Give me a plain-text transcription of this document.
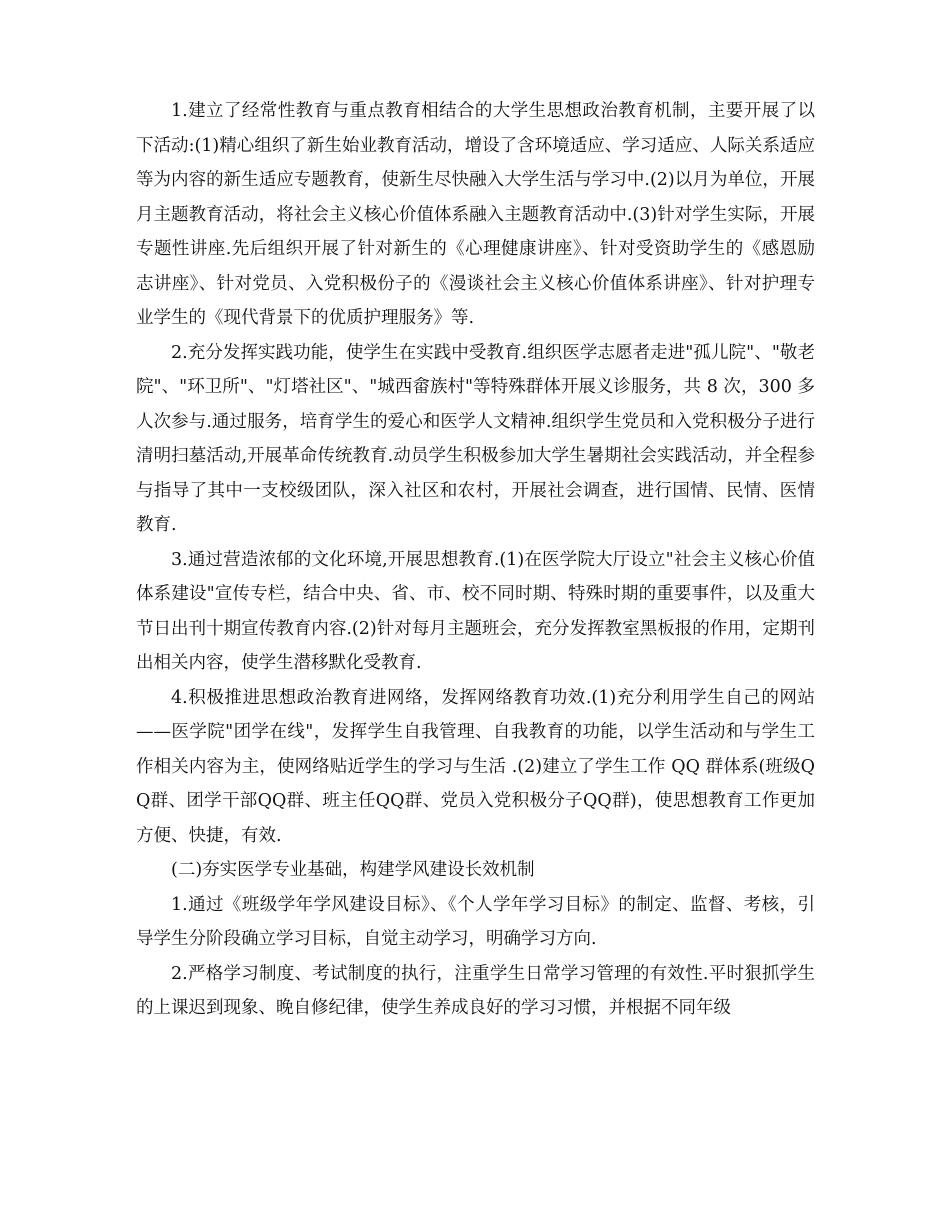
1.建立了经常性教育与重点教育相结合的大学生思想政治教育机制，主要开展了以下活动:(1)精心组织了新生始业教育活动，增设了含环境适应、学习适应、人际关系适应等为内容的新生适应专题教育，使新生尽快融入大学生活与学习中.(2)以月为单位，开展月主题教育活动，将社会主义核心价值体系融入主题教育活动中.(3)针对学生实际，开展专题性讲座.先后组织开展了针对新生的《心理健康讲座》、针对受资助学生的《感恩励志讲座》、针对党员、入党积极份子的《漫谈社会主义核心价值体系讲座》、针对护理专业学生的《现代背景下的优质护理服务》等.

2.充分发挥实践功能，使学生在实践中受教育.组织医学志愿者走进"孤儿院"、"敬老院"、"环卫所"、"灯塔社区"、"城西畲族村"等特殊群体开展义诊服务，共 8 次，300 多人次参与.通过服务，培育学生的爱心和医学人文精神.组织学生党员和入党积极分子进行清明扫墓活动,开展革命传统教育.动员学生积极参加大学生暑期社会实践活动，并全程参与指导了其中一支校级团队，深入社区和农村，开展社会调查，进行国情、民情、医情教育.

3.通过营造浓郁的文化环境,开展思想教育.(1)在医学院大厅设立"社会主义核心价值体系建设"宣传专栏，结合中央、省、市、校不同时期、特殊时期的重要事件，以及重大节日出刊十期宣传教育内容.(2)针对每月主题班会，充分发挥教室黑板报的作用，定期刊出相关内容，使学生潜移默化受教育.

4.积极推进思想政治教育进网络，发挥网络教育功效.(1)充分利用学生自己的网站——医学院"团学在线"，发挥学生自我管理、自我教育的功能，以学生活动和与学生工作相关内容为主，使网络贴近学生的学习与生活 .(2)建立了学生工作 QQ 群体系(班级QQ群、团学干部QQ群、班主任QQ群、党员入党积极分子QQ群)，使思想教育工作更加方便、快捷，有效.

(二)夯实医学专业基础，构建学风建设长效机制

1.通过《班级学年学风建设目标》、《个人学年学习目标》的制定、监督、考核，引导学生分阶段确立学习目标，自觉主动学习，明确学习方向.

2.严格学习制度、考试制度的执行，注重学生日常学习管理的有效性.平时狠抓学生的上课迟到现象、晚自修纪律，使学生养成良好的学习习惯，并根据不同年级
